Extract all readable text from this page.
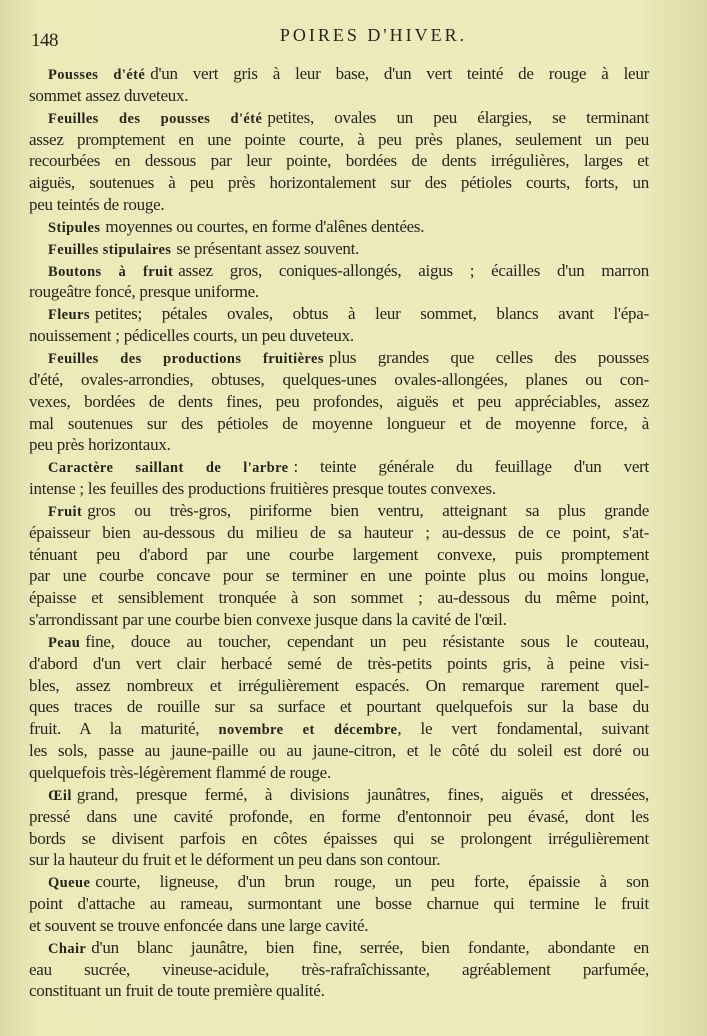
148	POIRES D'HIVER.
Pousses d'été d'un vert gris à leur base, d'un vert teinté de rouge à leur
sommet assez duveteux.
Feuilles des pousses d'été petites, ovales un peu élargies, se terminant
assez promptement en une pointe courte, à peu près planes, seulement un peu
recourbées en dessous par leur pointe, bordées de dents irrégulières, larges et
aiguës, soutenues à peu près horizontalement sur des pétioles courts, forts, un
peu teintés de rouge.
Stipules moyennes ou courtes, en forme d'alênes dentées.
Feuilles stipulaires se présentant assez souvent.
Boutons à fruit assez gros, coniques-allongés, aigus ; écailles d'un marron
rougeâtre foncé, presque uniforme.
Fleurs petites; pétales ovales, obtus à leur sommet, blancs avant l'épa-
nouissement ; pédicelles courts, un peu duveteux.
Feuilles des productions fruitières plus grandes que celles des pousses
d'été, ovales-arrondies, obtuses, quelques-unes ovales-allongées, planes ou con-
vexes, bordées de dents fines, peu profondes, aiguës et peu appréciables, assez
mal soutenues sur des pétioles de moyenne longueur et de moyenne force, à
peu près horizontaux.
Caractère saillant de l'arbre : teinte générale du feuillage d'un vert
intense ; les feuilles des productions fruitières presque toutes convexes.
Fruit gros ou très-gros, piriforme bien ventru, atteignant sa plus grande
épaisseur bien au-dessous du milieu de sa hauteur ; au-dessus de ce point, s'at-
ténuant peu d'abord par une courbe largement convexe, puis promptement
par une courbe concave pour se terminer en une pointe plus ou moins longue,
épaisse et sensiblement tronquée à son sommet ; au-dessous du même point,
s'arrondissant par une courbe bien convexe jusque dans la cavité de l'œil.
Peau fine, douce au toucher, cependant un peu résistante sous le couteau,
d'abord d'un vert clair herbacé semé de très-petits points gris, à peine visi-
bles, assez nombreux et irrégulièrement espacés. On remarque rarement quel-
ques traces de rouille sur sa surface et pourtant quelquefois sur la base du
fruit. A la maturité, novembre et décembre, le vert fondamental, suivant
les sols, passe au jaune-paille ou au jaune-citron, et le côté du soleil est doré ou
quelquefois très-légèrement flammé de rouge.
Œil grand, presque fermé, à divisions jaunâtres, fines, aiguës et dressées,
pressé dans une cavité profonde, en forme d'entonnoir peu évasé, dont les
bords se divisent parfois en côtes épaisses qui se prolongent irrégulièrement
sur la hauteur du fruit et le déforment un peu dans son contour.
Queue courte, ligneuse, d'un brun rouge, un peu forte, épaissie à son
point d'attache au rameau, surmontant une bosse charnue qui termine le fruit
et souvent se trouve enfoncée dans une large cavité.
Chair d'un blanc jaunâtre, bien fine, serrée, bien fondante, abondante en
eau sucrée, vineuse-acidule, très-rafraîchissante, agréablement parfumée,
constituant un fruit de toute première qualité.
